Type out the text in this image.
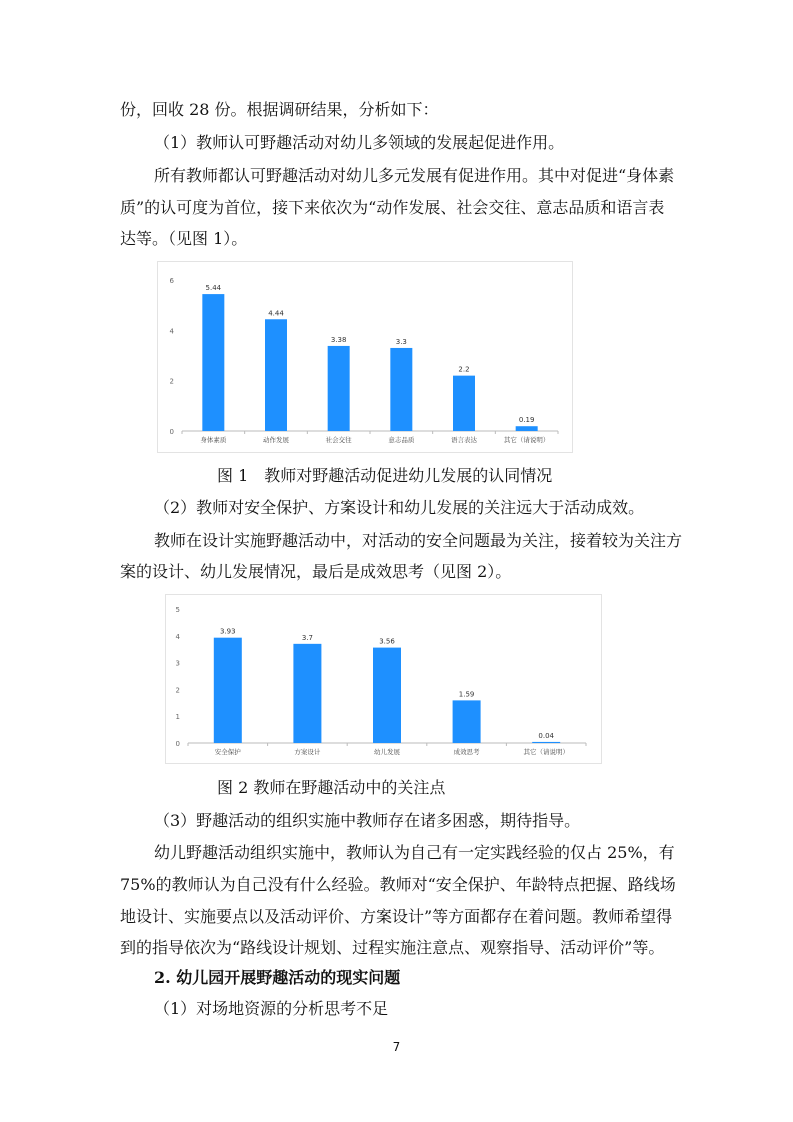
份，回收 28 份。根据调研结果，分析如下：
（1）教师认可野趣活动对幼儿多领域的发展起促进作用。
所有教师都认可野趣活动对幼儿多元发展有促进作用。其中对促进“身体素
质”的认可度为首位，接下来依次为“动作发展、社会交往、意志品质和语言表
达等。（见图 1）。
0
2
4
6
5.44
身体素质
4.44
动作发展
3.38
社会交往
3.3
意志品质
2.2
语言表达
0.19
其它（请说明）
图 1　教师对野趣活动促进幼儿发展的认同情况
（2）教师对安全保护、方案设计和幼儿发展的关注远大于活动成效。
教师在设计实施野趣活动中，对活动的安全问题最为关注，接着较为关注方
案的设计、幼儿发展情况，最后是成效思考（见图 2）。
0
1
2
3
4
5
3.93
安全保护
3.7
方案设计
3.56
幼儿发展
1.59
成效思考
0.04
其它（请说明）
图 2 教师在野趣活动中的关注点
（3）野趣活动的组织实施中教师存在诸多困惑，期待指导。
幼儿野趣活动组织实施中，教师认为自己有一定实践经验的仅占 25%，有
75%的教师认为自己没有什么经验。教师对“安全保护、年龄特点把握、路线场
地设计、实施要点以及活动评价、方案设计”等方面都存在着问题。教师希望得
到的指导依次为“路线设计规划、过程实施注意点、观察指导、活动评价”等。
2. 幼儿园开展野趣活动的现实问题
（1）对场地资源的分析思考不足
7
